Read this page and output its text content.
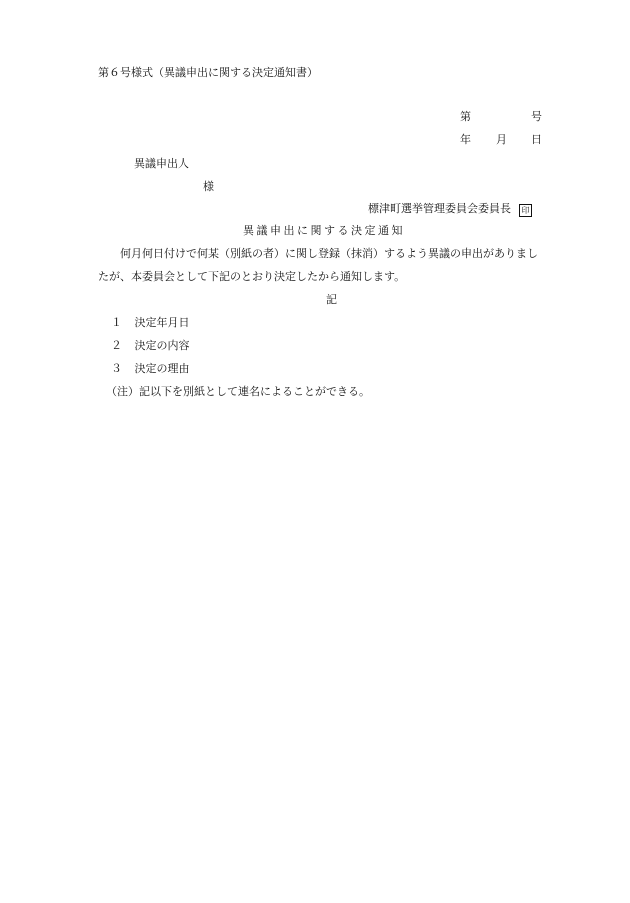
第６号様式（異議申出に関する決定通知書）
第	号
年 月 日
異議申出人
様
標津町選挙管理委員会委員長 印
異議申出に関する決定通知
何月何日付けで何某（別紙の者）に関し登録（抹消）するよう異議の申出がありまし
たが、本委員会として下記のとおり決定したから通知します。
記
１ 決定年月日
２ 決定の内容
３ 決定の理由
（注）記以下を別紙として連名によることができる。
